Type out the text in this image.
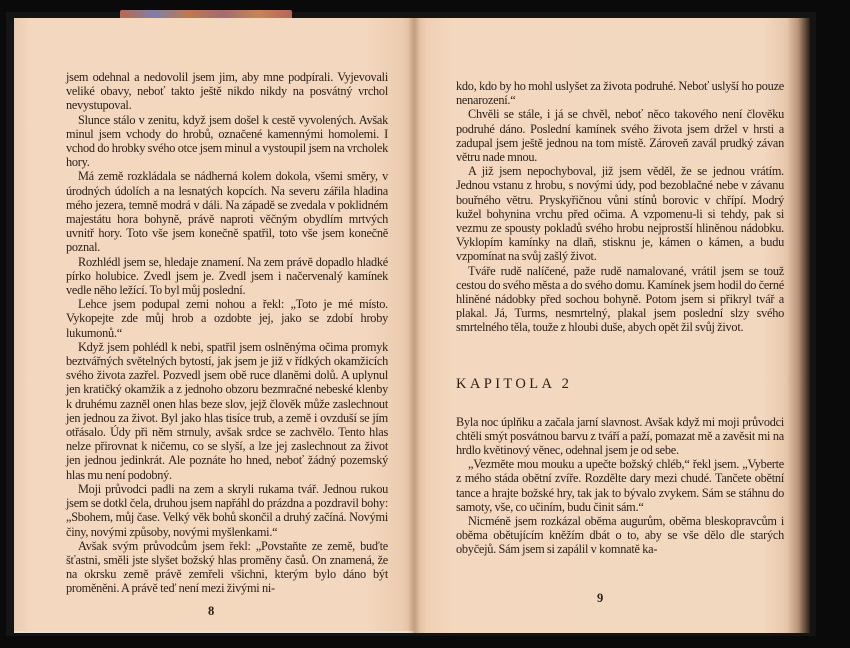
jsem odehnal a nedovolil jsem jim, aby mne podpírali. Vyjevovali veliké obavy, neboť takto ještě nikdo nikdy na posvátný vrchol nevystupoval.

Slunce stálo v zenitu, když jsem došel k cestě vyvolených. Avšak minul jsem vchody do hrobů, označené kamennými homolemi. I vchod do hrobky svého otce jsem minul a vystoupil jsem na vrcholek hory.

Má země rozkládala se nádherná kolem dokola, všemi směry, v úrodných údolích a na lesnatých kopcích. Na severu zářila hladina mého jezera, temně modrá v dáli. Na západě se zvedala v poklidném majestátu hora bohyně, právě naproti věčným obydlím mrtvých uvnitř hory. Toto vše jsem konečně spatřil, toto vše jsem konečně poznal.

Rozhlédl jsem se, hledaje znamení. Na zem právě dopadlo hladké pírko holubice. Zvedl jsem je. Zvedl jsem i načervenalý kamínek vedle něho ležící. To byl můj poslední.

Lehce jsem podupal zemi nohou a řekl: „Toto je mé místo. Vykopejte zde můj hrob a ozdobte jej, jako se zdobí hroby lukumonů.“

Když jsem pohlédl k nebi, spatřil jsem oslněnýma očima promyk beztvářných světelných bytostí, jak jsem je již v řídkých okamžicích svého života zazřel. Pozvedl jsem obě ruce dlaněmi dolů. A uplynul jen kratičký okamžik a z jednoho obzoru bezmračné nebeské klenby k druhému zazněl onen hlas beze slov, jejž člověk může zaslechnout jen jednou za život. Byl jako hlas tisíce trub, a země i ovzduší se jím otřásalo. Údy při něm strnuly, avšak srdce se zachvělo. Tento hlas nelze přirovnat k ničemu, co se slyší, a lze jej zaslechnout za život jen jednou jedinkrát. Ale poznáte ho hned, neboť žádný pozemský hlas mu není podobný.

Moji průvodci padli na zem a skryli rukama tvář. Jednou rukou jsem se dotkl čela, druhou jsem napřáhl do prázdna a pozdravil bohy: „Sbohem, můj čase. Velký věk bohů skončil a druhý začíná. Novými činy, novými způsoby, novými myšlenkami.“

Avšak svým průvodcům jsem řekl: „Povstaňte ze země, buďte šťastni, směli jste slyšet božský hlas proměny časů. On znamená, že na okrsku země právě zemřeli všichni, kterým bylo dáno být proměněni. A právě teď není mezi živými ni-

8

kdo, kdo by ho mohl uslyšet za života podruhé. Neboť uslyší ho pouze nenarození.“

Chvěli se stále, i já se chvěl, neboť něco takového není člověku podruhé dáno. Poslední kamínek svého života jsem držel v hrsti a zadupal jsem ještě jednou na tom místě. Zároveň zavál prudký závan větru nade mnou.

A již jsem nepochyboval, již jsem věděl, že se jednou vrátím. Jednou vstanu z hrobu, s novými údy, pod bezoblačné nebe v závanu bouřného větru. Pryskyřičnou vůni stínů borovic v chřípí. Modrý kužel bohynina vrchu před očima. A vzpomenu-li si tehdy, pak si vezmu ze spousty pokladů svého hrobu nejprostší hliněnou nádobku. Vyklopím kamínky na dlaň, stisknu je, kámen o kámen, a budu vzpomínat na svůj zašlý život.

Tváře rudě nalíčené, paže rudě namalované, vrátil jsem se touž cestou do svého města a do svého domu. Kamínek jsem hodil do černé hliněné nádobky před sochou bohyně. Potom jsem si přikryl tvář a plakal. Já, Turms, nesmrtelný, plakal jsem poslední slzy svého smrtelného těla, touže z hloubi duše, abych opět žil svůj život.

KAPITOLA 2

Byla noc úplňku a začala jarní slavnost. Avšak když mi moji průvodci chtěli smýt posvátnou barvu z tváří a paží, pomazat mě a zavěsit mi na hrdlo květinový věnec, odehnal jsem je od sebe.

„Vezměte mou mouku a upečte božský chléb,“ řekl jsem. „Vyberte z mého stáda obětní zvíře. Rozdělte dary mezi chudé. Tančete obětní tance a hrajte božské hry, tak jak to bývalo zvykem. Sám se stáhnu do samoty, vše, co učiním, budu činit sám.“

Nicméně jsem rozkázal oběma augurům, oběma bleskopravcům i oběma obětujícím kněžím dbát o to, aby se vše dělo dle starých obyčejů. Sám jsem si zapálil v komnatě ka-

9
